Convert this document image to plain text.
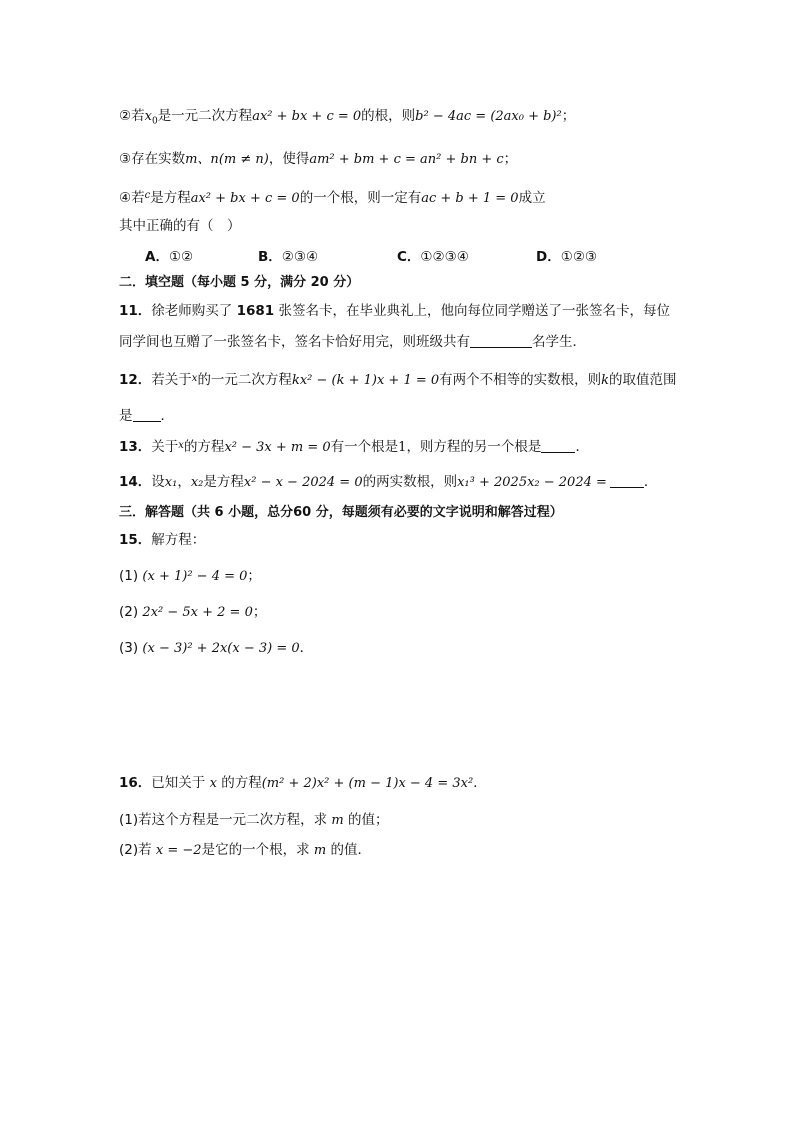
②若$x_0$是一元二次方程ax² + bx + c = 0的根，则b² − 4ac = (2ax₀ + b)²；
③存在实数m、n(m ≠ n)，使得am² + bm + c = an² + bn + c；
④若$^c$是方程ax² + bx + c = 0的一个根，则一定有ac + b + 1 = 0成立
其中正确的有（　）
A．①②	B．②③④	C．①②③④	D．①②③
二．填空题（每小题 5 分，满分 20 分）
11．徐老师购买了 1681 张签名卡，在毕业典礼上，他向每位同学赠送了一张签名卡，每位
同学间也互赠了一张签名卡，签名卡恰好用完，则班级共有	名学生．
12．若关于$^x$的一元二次方程kx² − (k + 1)x + 1 = 0有两个不相等的实数根，则k的取值范围
是 ．
13．关于$^x$的方程x² − 3x + m = 0有一个根是1，则方程的另一个根是	．
14．设x₁，x₂是方程x² − x − 2024 = 0的两实数根，则x₁³ + 2025x₂ − 2024 =	．
三．解答题（共 6 小题，总分60 分，每题须有必要的文字说明和解答过程）
15．解方程：
(1) (x + 1)² − 4 = 0；
(2) 2x² − 5x + 2 = 0；
(3) (x − 3)² + 2x(x − 3) = 0．
16．已知关于 x 的方程(m² + 2)x² + (m − 1)x − 4 = 3x²．
(1)若这个方程是一元二次方程，求 m 的值；
(2)若 x = −2是它的一个根，求 m 的值．
